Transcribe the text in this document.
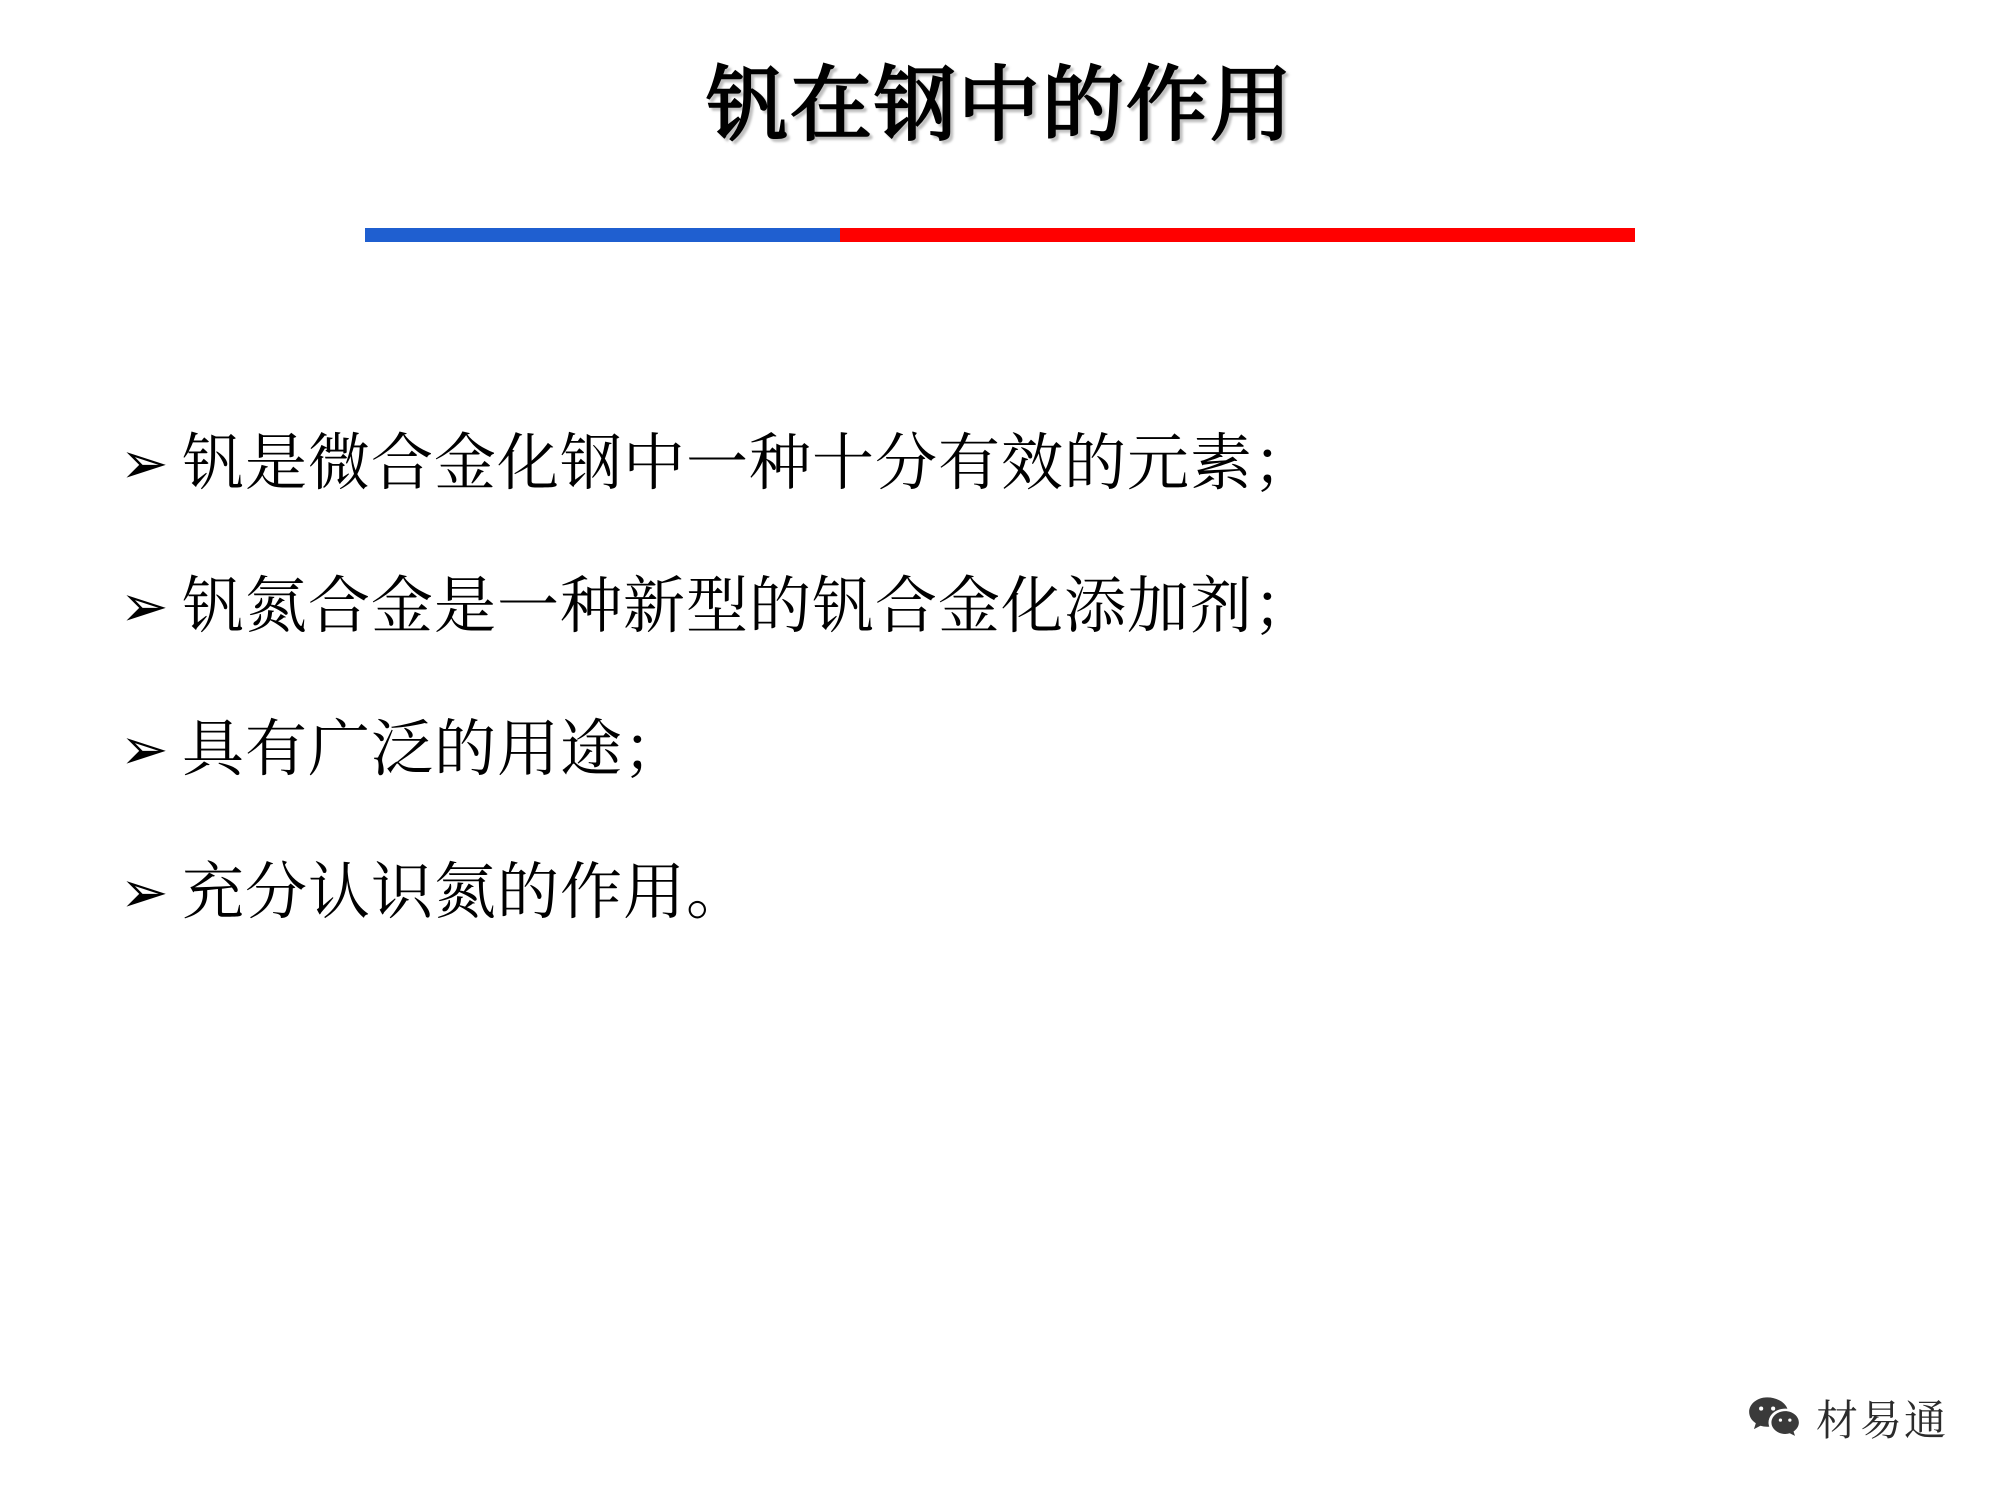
钒在钢中的作用
➢ 钒是微合金化钢中一种十分有效的元素；
➢ 钒氮合金是一种新型的钒合金化添加剂；
➢ 具有广泛的用途；
➢ 充分认识氮的作用。
材易通
